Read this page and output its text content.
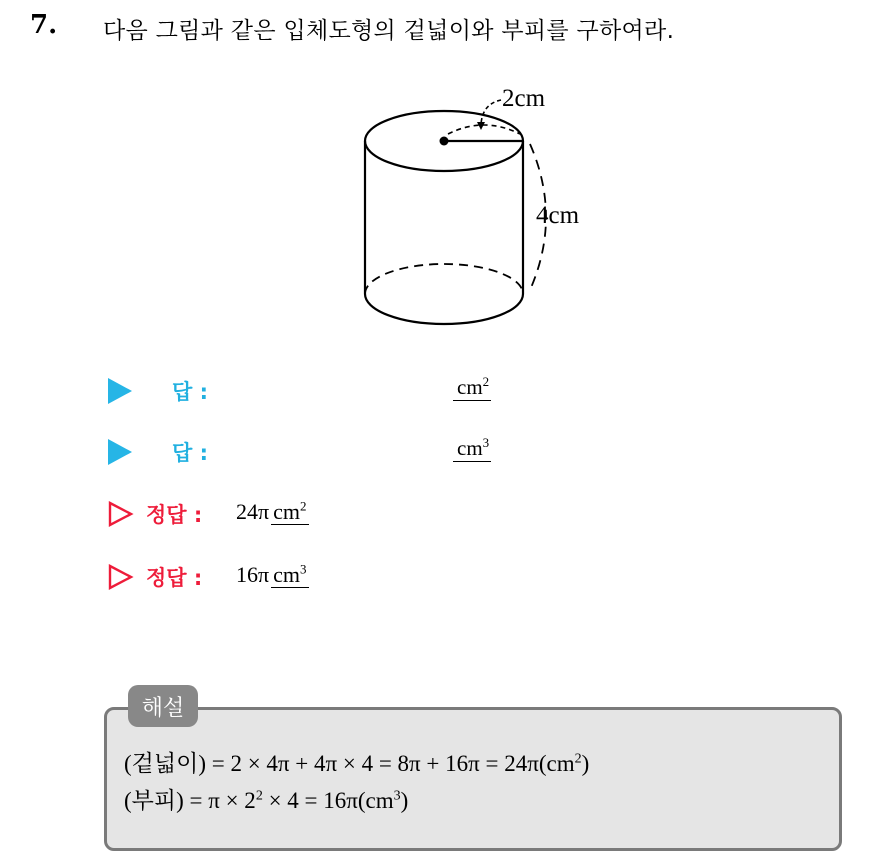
7. 다음 그림과 같은 입체도형의 겉넓이와 부피를 구하여라.
2cm
4cm
답 :	$cm^2$
답 :	$cm^3$
정답 : 24π $cm^2$
정답 : 16π $cm^3$
해설
(겉넓이) = $2 \times 4\pi + 4\pi \times 4 = 8\pi + 16\pi = 24\pi(cm^2)$
(부피) = $\pi \times 2^2 \times 4 = 16\pi(cm^3)$
